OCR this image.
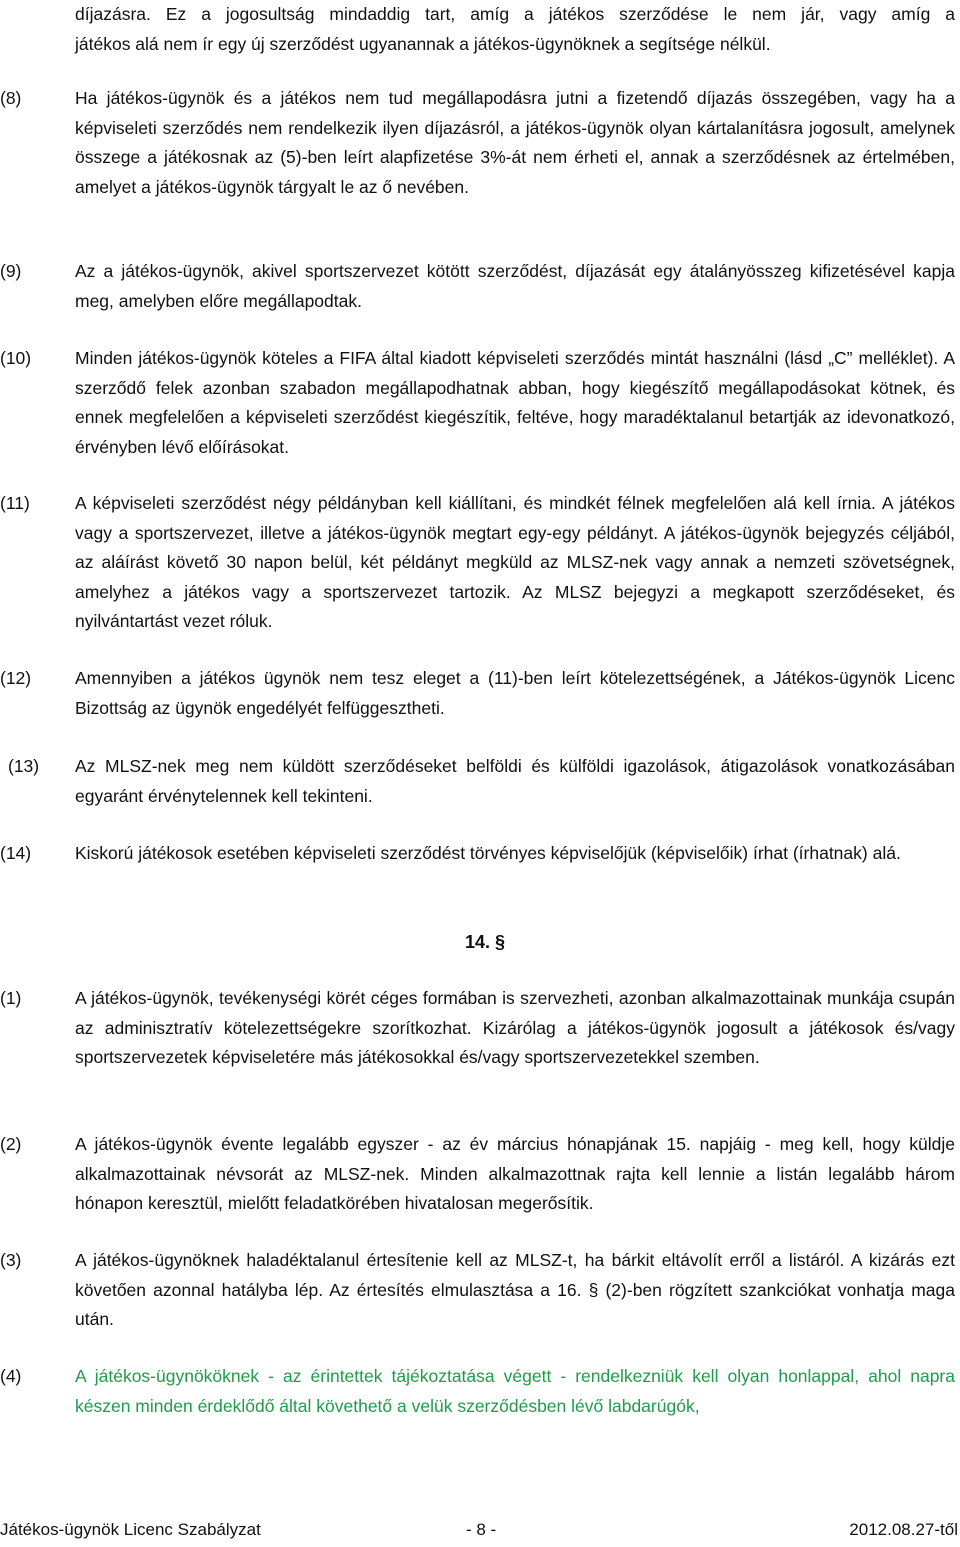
díjazásra. Ez a jogosultság mindaddig tart, amíg a játékos szerződése le nem jár, vagy amíg a
játékos alá nem ír egy új szerződést ugyanannak a játékos-ügynöknek a segítsége nélkül.
(8)	Ha játékos-ügynök és a játékos nem tud megállapodásra jutni a fizetendő díjazás összegében, vagy ha a képviseleti szerződés nem rendelkezik ilyen díjazásról, a játékos-ügynök olyan kártalanításra jogosult, amelynek összege a játékosnak az (5)-ben leírt alapfizetése 3%-át nem érheti el, annak a szerződésnek az értelmében, amelyet a játékos-ügynök tárgyalt le az ő nevében.
(9)	Az a játékos-ügynök, akivel sportszervezet kötött szerződést, díjazását egy átalányösszeg kifizetésével kapja meg, amelyben előre megállapodtak.
(10)	Minden játékos-ügynök köteles a FIFA által kiadott képviseleti szerződés mintát használni (lásd „C” melléklet). A szerződő felek azonban szabadon megállapodhatnak abban, hogy kiegészítő megállapodásokat kötnek, és ennek megfelelően a képviseleti szerződést kiegészítik, feltéve, hogy maradéktalanul betartják az idevonatkozó, érvényben lévő előírásokat.
(11)	A képviseleti szerződést négy példányban kell kiállítani, és mindkét félnek megfelelően alá kell írnia. A játékos vagy a sportszervezet, illetve a játékos-ügynök megtart egy-egy példányt. A játékos-ügynök bejegyzés céljából, az aláírást követő 30 napon belül, két példányt megküld az MLSZ-nek vagy annak a nemzeti szövetségnek, amelyhez a játékos vagy a sportszervezet tartozik. Az MLSZ bejegyzi a megkapott szerződéseket, és nyilvántartást vezet róluk.
(12)	Amennyiben a játékos ügynök nem tesz eleget a (11)-ben leírt kötelezettségének, a Játékos-ügynök Licenc Bizottság az ügynök engedélyét felfüggesztheti.
(13)	Az MLSZ-nek meg nem küldött szerződéseket belföldi és külföldi igazolások, átigazolások vonatkozásában egyaránt érvénytelennek kell tekinteni.
(14)	Kiskorú játékosok esetében képviseleti szerződést törvényes képviselőjük (képviselőik) írhat (írhatnak) alá.
14. §
(1)	A játékos-ügynök, tevékenységi körét céges formában is szervezheti, azonban alkalmazottainak munkája csupán az adminisztratív kötelezettségekre szorítkozhat. Kizárólag a játékos-ügynök jogosult a játékosok és/vagy sportszervezetek képviseletére más játékosokkal és/vagy sportszervezetekkel szemben.
(2)	A játékos-ügynök évente legalább egyszer - az év március hónapjának 15. napjáig - meg kell, hogy küldje alkalmazottainak névsorát az MLSZ-nek. Minden alkalmazottnak rajta kell lennie a listán legalább három hónapon keresztül, mielőtt feladatkörében hivatalosan megerősítik.
(3)	A játékos-ügynöknek haladéktalanul értesítenie kell az MLSZ-t, ha bárkit eltávolít erről a listáról. A kizárás ezt követően azonnal hatályba lép. Az értesítés elmulasztása a 16. § (2)-ben rögzített szankciókat vonhatja maga után.
(4)	A játékos-ügynököknek - az érintettek tájékoztatása végett - rendelkezniük kell olyan honlappal, ahol napra készen minden érdeklődő által követhető a velük szerződésben lévő labdarúgók,
Játékos-ügynök Licenc Szabályzat	- 8 -	2012.08.27-től
